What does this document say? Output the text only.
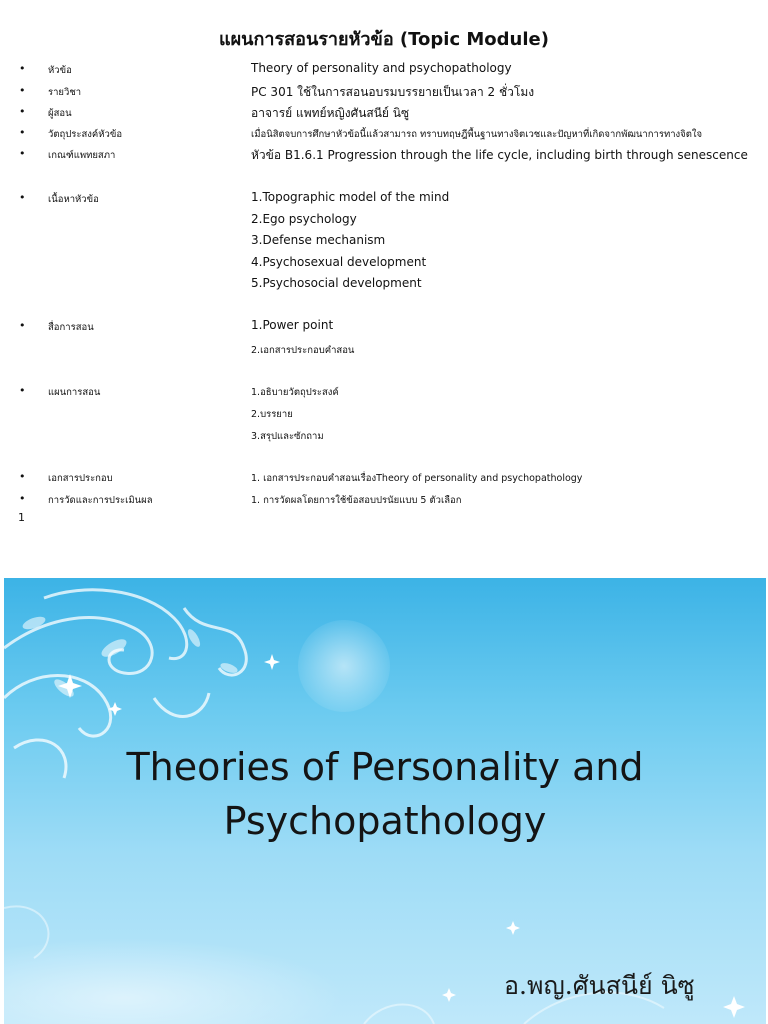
แผนการสอนรายหัวข้อ (Topic Module)
• หัวข้อ	Theory of personality and psychopathology
• รายวิชา	PC 301 ใช้ในการสอนอบรมบรรยายเป็นเวลา 2 ชั่วโมง
• ผู้สอน	อาจารย์ แพทย์หญิงศันสนีย์ นิซู
• วัตถุประสงค์หัวข้อ	เมื่อนิสิตจบการศึกษาหัวข้อนี้แล้วสามารถ ทราบทฤษฎีพื้นฐานทางจิตเวชและปัญหาที่เกิดจากพัฒนาการทางจิตใจ
• เกณฑ์แพทยสภา	หัวข้อ B1.6.1 Progression through the life cycle, including birth through senescence
• เนื้อหาหัวข้อ	1.Topographic model of the mind
2.Ego psychology
3.Defense mechanism
4.Psychosexual development
5.Psychosocial development
• สื่อการสอน	1.Power point
2.เอกสารประกอบคำสอน
• แผนการสอน	1.อธิบายวัตถุประสงค์
2.บรรยาย
3.สรุปและซักถาม
• เอกสารประกอบ	1. เอกสารประกอบคำสอนเรื่องTheory of personality and psychopathology
• การวัดและการประเมินผล	1. การวัดผลโดยการใช้ข้อสอบปรนัยแบบ 5 ตัวเลือก
1
Theories of Personality and
Psychopathology
อ.พญ.ศันสนีย์ นิซู
